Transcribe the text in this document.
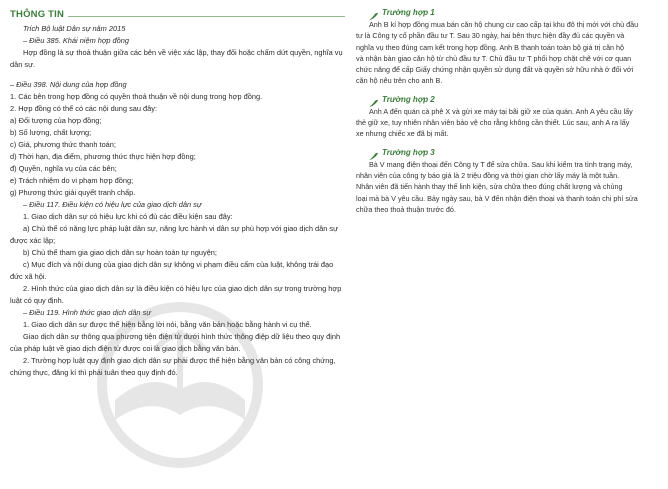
THÔNG TIN
Trích Bộ luật Dân sự năm 2015
– Điều 385. Khái niệm hợp đồng
Hợp đồng là sự thoả thuận giữa các bên về việc xác lập, thay đổi hoặc chấm dứt quyền, nghĩa vụ
dân sự.
– Điều 398. Nội dung của hợp đồng
1. Các bên trong hợp đồng có quyền thoả thuận về nội dung trong hợp đồng.
2. Hợp đồng có thể có các nội dung sau đây:
a) Đối tượng của hợp đồng;
b) Số lượng, chất lượng;
c) Giá, phương thức thanh toán;
d) Thời hạn, địa điểm, phương thức thực hiện hợp đồng;
đ) Quyền, nghĩa vụ của các bên;
e) Trách nhiệm do vi phạm hợp đồng;
g) Phương thức giải quyết tranh chấp.
– Điều 117. Điều kiện có hiệu lực của giao dịch dân sự
1. Giao dịch dân sự có hiệu lực khi có đủ các điều kiện sau đây:
a) Chủ thể có năng lực pháp luật dân sự, năng lực hành vi dân sự phù hợp với giao dịch dân sự
được xác lập;
b) Chủ thể tham gia giao dịch dân sự hoàn toàn tự nguyện;
c) Mục đích và nội dung của giao dịch dân sự không vi phạm điều cấm của luật, không trái đạo
đức xã hội.
2. Hình thức của giao dịch dân sự là điều kiện có hiệu lực của giao dịch dân sự trong trường hợp
luật có quy định.
– Điều 119. Hình thức giao dịch dân sự
1. Giao dịch dân sự được thể hiện bằng lời nói, bằng văn bản hoặc bằng hành vi cụ thể.
Giao dịch dân sự thông qua phương tiện điện tử dưới hình thức thông điệp dữ liệu theo quy định
của pháp luật về giao dịch điện tử được coi là giao dịch bằng văn bản.
2. Trường hợp luật quy định giao dịch dân sự phải được thể hiện bằng văn bản có công chứng,
chứng thực, đăng kí thì phải tuân theo quy định đó.
Trường hợp 1
Anh B kí hợp đồng mua bán căn hộ chung cư cao cấp tại khu đô thị mới với chủ đầu
tư là Công ty cổ phần đầu tư T. Sau 30 ngày, hai bên thực hiện đầy đủ các quyền và
nghĩa vụ theo đúng cam kết trong hợp đồng. Anh B thanh toán toàn bộ giá trị căn hộ
và nhận bàn giao căn hộ từ chủ đầu tư T. Chủ đầu tư T phối hợp chặt chẽ với cơ quan
chức năng để cấp Giấy chứng nhận quyền sử dụng đất và quyền sở hữu nhà ở đối với
căn hộ nêu trên cho anh B.
Trường hợp 2
Anh A đến quán cà phê X và gửi xe máy tại bãi giữ xe của quán. Anh A yêu cầu lấy
thẻ giữ xe, tuy nhiên nhân viên bảo vệ cho rằng không cần thiết. Lúc sau, anh A ra lấy
xe nhưng chiếc xe đã bị mất.
Trường hợp 3
Bà V mang điện thoại đến Công ty T để sửa chữa. Sau khi kiểm tra tình trạng máy,
nhân viên của công ty báo giá là 2 triệu đồng và thời gian chờ lấy máy là một tuần.
Nhân viên đã tiến hành thay thế linh kiện, sửa chữa theo đúng chất lượng và chủng
loại mà bà V yêu cầu. Bảy ngày sau, bà V đến nhận điện thoại và thanh toán chi phí sửa
chữa theo thoả thuận trước đó.
